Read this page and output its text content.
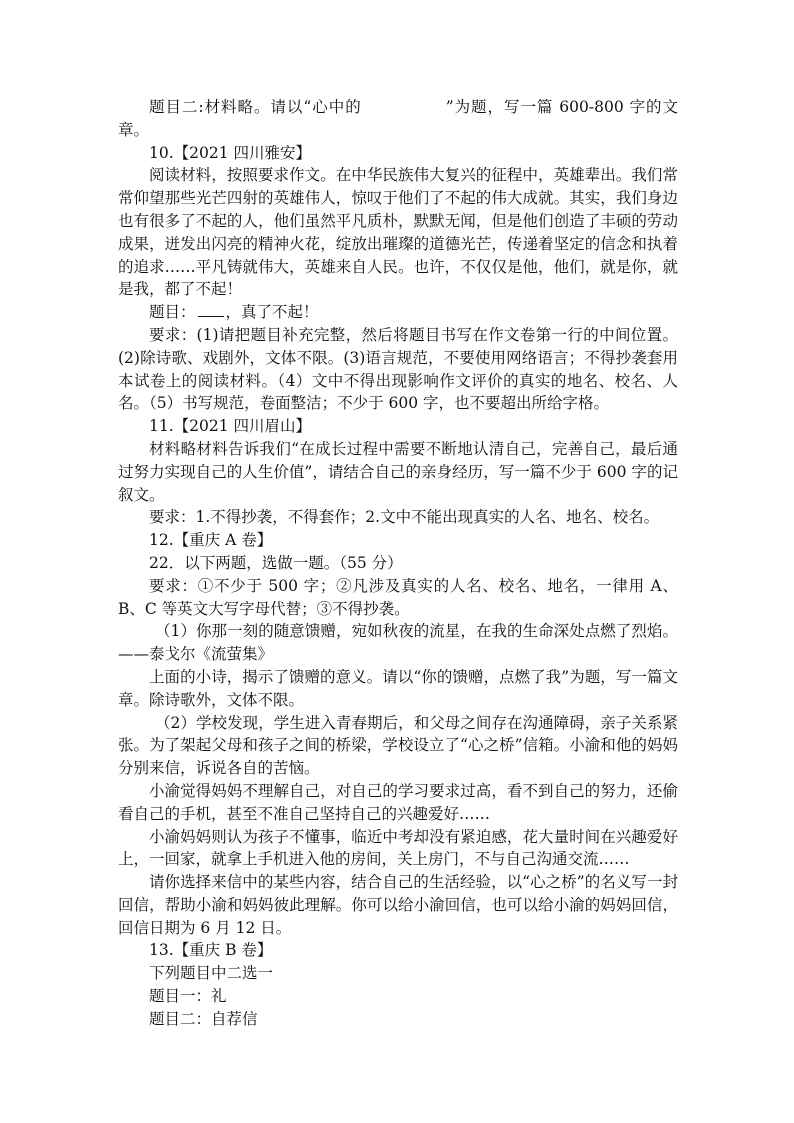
题目二:材料略。请以“心中的	”为题，写一篇 600-800 字的文章。

10.【2021 四川雅安】

阅读材料，按照要求作文。在中华民族伟大复兴的征程中，英雄辈出。我们常常仰望那些光芒四射的英雄伟人，惊叹于他们了不起的伟大成就。其实，我们身边也有很多了不起的人，他们虽然平凡质朴，默默无闻，但是他们创造了丰硕的劳动成果，迸发出闪亮的精神火花，绽放出璀璨的道德光芒，传递着坚定的信念和执着的追求……平凡铸就伟大，英雄来自人民。也许，不仅仅是他，他们，就是你，就是我，都了不起！

题目： ，真了不起！

要求：(1)请把题目补充完整，然后将题目书写在作文卷第一行的中间位置。(2)除诗歌、戏剧外，文体不限。(3)语言规范，不要使用网络语言；不得抄袭套用本试卷上的阅读材料。（4）文中不得出现影响作文评价的真实的地名、校名、人名。（5）书写规范，卷面整洁；不少于 600 字，也不要超出所给字格。

11.【2021 四川眉山】

材料略材料告诉我们“在成长过程中需要不断地认清自己，完善自己，最后通过努力实现自己的人生价值”，请结合自己的亲身经历，写一篇不少于 600 字的记叙文。

要求：1.不得抄袭，不得套作；2.文中不能出现真实的人名、地名、校名。

12.【重庆 A 卷】

22．以下两题，选做一题。（55 分）

要求：①不少于 500 字；②凡涉及真实的人名、校名、地名，一律用 A、B、C 等英文大写字母代替；③不得抄袭。

（1）你那一刻的随意馈赠，宛如秋夜的流星，在我的生命深处点燃了烈焰。——泰戈尔《流萤集》

上面的小诗，揭示了馈赠的意义。请以“你的馈赠，点燃了我”为题，写一篇文章。除诗歌外，文体不限。

（2）学校发现，学生进入青春期后，和父母之间存在沟通障碍，亲子关系紧张。为了架起父母和孩子之间的桥梁，学校设立了“心之桥”信箱。小渝和他的妈妈分别来信，诉说各自的苦恼。

小渝觉得妈妈不理解自己，对自己的学习要求过高，看不到自己的努力，还偷看自己的手机，甚至不准自己坚持自己的兴趣爱好……

小渝妈妈则认为孩子不懂事，临近中考却没有紧迫感，花大量时间在兴趣爱好上，一回家，就拿上手机进入他的房间，关上房门，不与自己沟通交流……

请你选择来信中的某些内容，结合自己的生活经验，以“心之桥”的名义写一封回信，帮助小渝和妈妈彼此理解。你可以给小渝回信，也可以给小渝的妈妈回信，回信日期为 6 月 12 日。

13.【重庆 B 卷】

下列题目中二选一

题目一：礼

题目二：自荐信
